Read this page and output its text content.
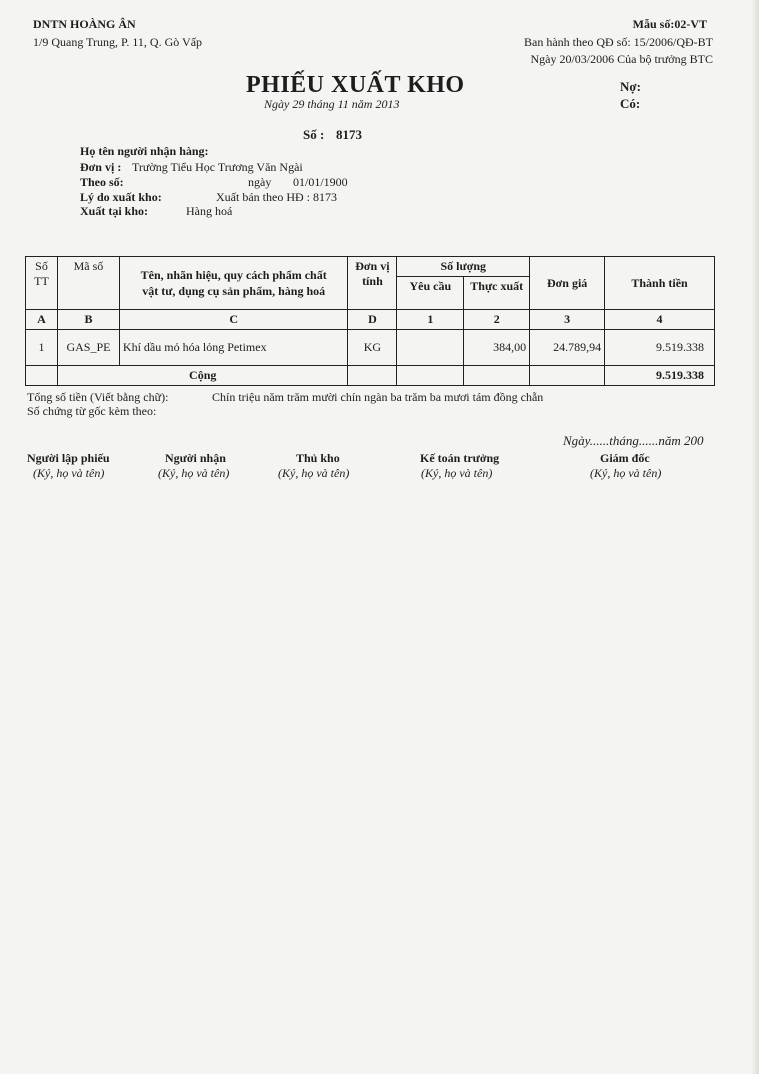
DNTN HOÀNG ÂN
1/9 Quang Trung, P. 11, Q. Gò Vấp
Mẫu số:02-VT
Ban hành theo QĐ số: 15/2006/QĐ-BT
Ngày 20/03/2006 Của bộ trưởng BTC
PHIẾU XUẤT KHO
Ngày 29 tháng 11 năm 2013
Nợ:
Có:
Số : 8173
Họ tên người nhận hàng:
Đơn vị : Trường Tiểu Học Trương Văn Ngài
Theo số:	ngày 01/01/1900
Lý do xuất kho:	Xuất bán theo HĐ : 8173
Xuất tại kho:	Hàng hoá
Số TT	Mã số	Tên, nhãn hiệu, quy cách phẩm chất vật tư, dụng cụ sản phẩm, hàng hoá	Đơn vị tính	Số lượng		Đơn giá	Thành tiền
				Yêu cầu	Thực xuất		
A	B	C	D	1	2	3	4
1	GAS_PE	Khí dầu mỏ hóa lỏng Petimex	KG		384,00	24.789,94	9.519.338
	Cộng						9.519.338
Tổng số tiền (Viết bằng chữ):	Chín triệu năm trăm mười chín ngàn ba trăm ba mươi tám đồng chẵn
Số chứng từ gốc kèm theo:
Ngày......tháng......năm 200
Người lập phiếu
(Ký, họ và tên)
Người nhận
(Ký, họ và tên)
Thủ kho
(Ký, họ và tên)
Kế toán trưởng
(Ký, họ và tên)
Giám đốc
(Ký, họ và tên)
